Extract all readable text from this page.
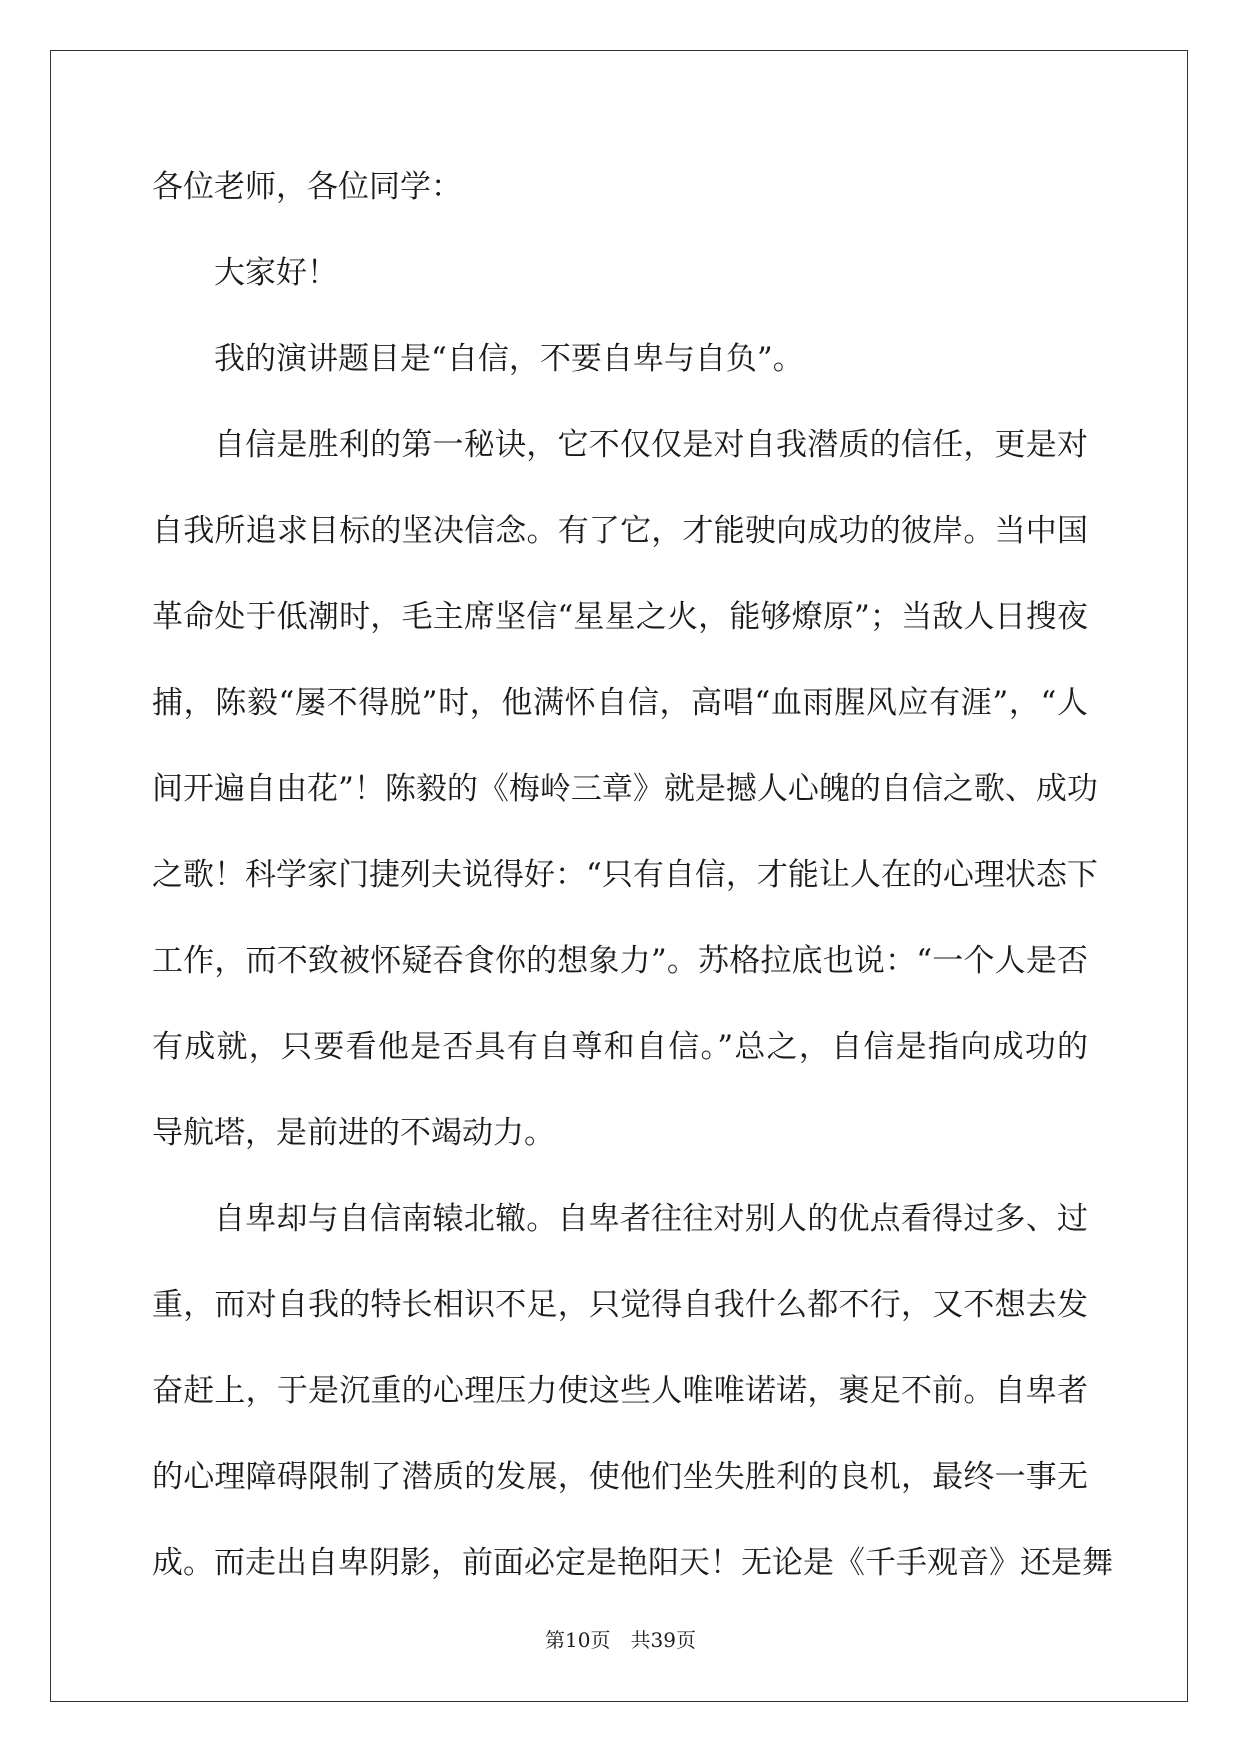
各位老师，各位同学：
大家好！
我的演讲题目是“自信，不要自卑与自负”。
自信是胜利的第一秘诀，它不仅仅是对自我潜质的信任，更是对
自我所追求目标的坚决信念。有了它，才能驶向成功的彼岸。当中国
革命处于低潮时，毛主席坚信“星星之火，能够燎原”；当敌人日搜夜
捕，陈毅“屡不得脱”时，他满怀自信，高唱“血雨腥风应有涯”，“人
间开遍自由花”！陈毅的《梅岭三章》就是撼人心魄的自信之歌、成功
之歌！科学家门捷列夫说得好：“只有自信，才能让人在的心理状态下
工作，而不致被怀疑吞食你的想象力”。苏格拉底也说：“一个人是否
有成就，只要看他是否具有自尊和自信。”总之，自信是指向成功的
导航塔，是前进的不竭动力。
自卑却与自信南辕北辙。自卑者往往对别人的优点看得过多、过
重，而对自我的特长相识不足，只觉得自我什么都不行，又不想去发
奋赶上，于是沉重的心理压力使这些人唯唯诺诺，裹足不前。自卑者
的心理障碍限制了潜质的发展，使他们坐失胜利的良机，最终一事无
成。而走出自卑阴影，前面必定是艳阳天！无论是《千手观音》还是舞
第10页　共39页
